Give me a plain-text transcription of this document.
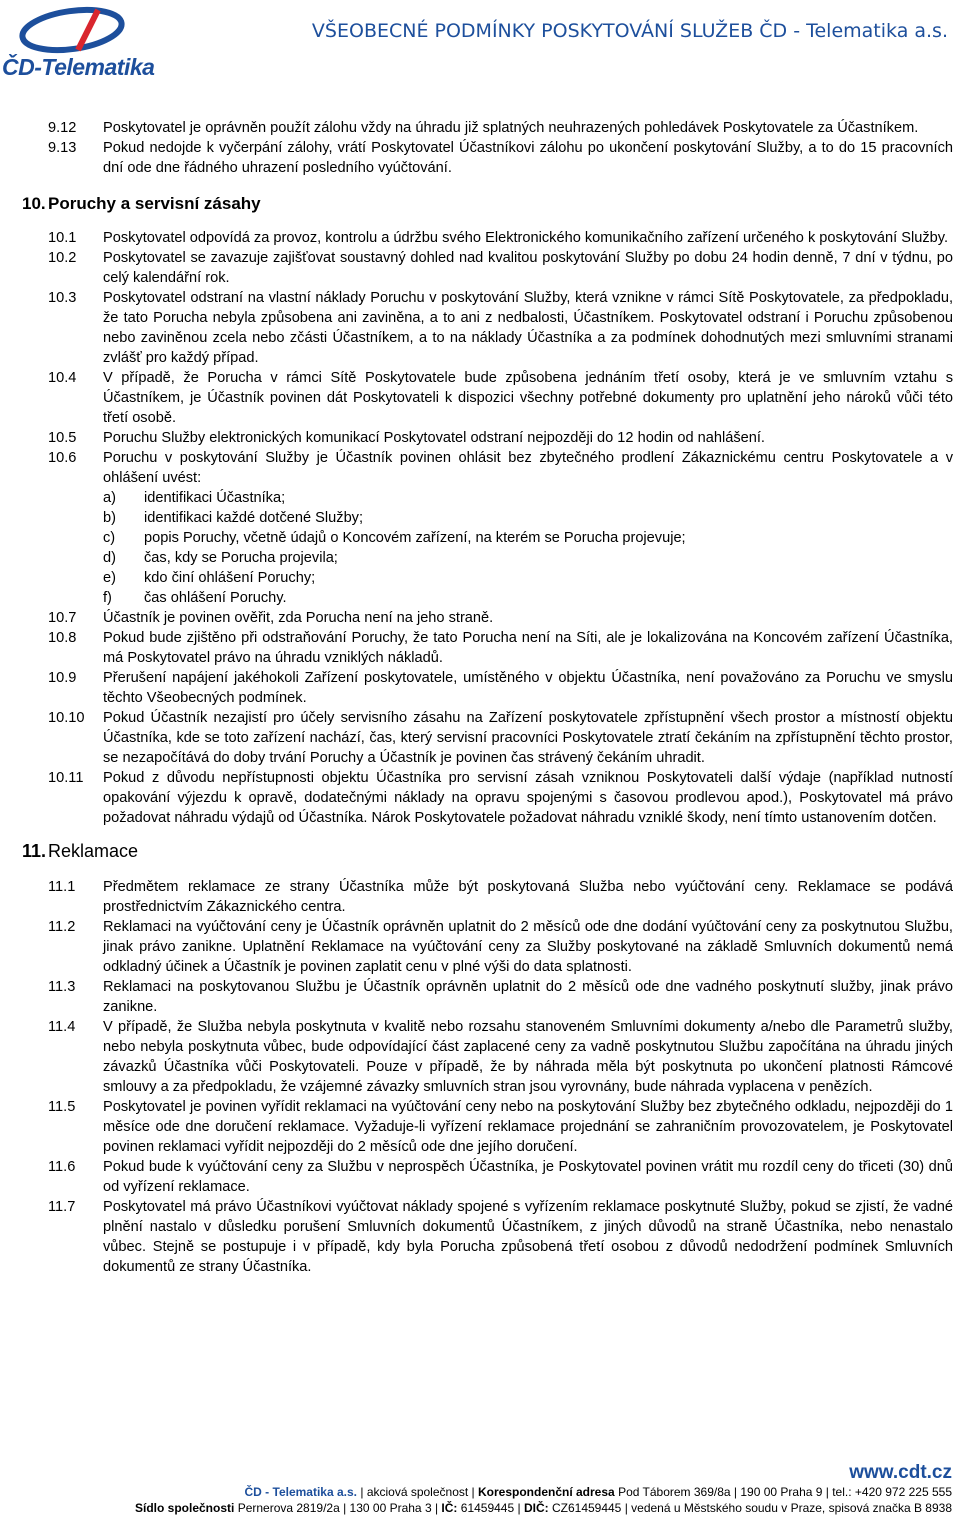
ČD-Telematika
VŠEOBECNÉ PODMÍNKY POSKYTOVÁNÍ SLUŽEB ČD - Telematika a.s.
9.12 Poskytovatel je oprávněn použít zálohu vždy na úhradu již splatných neuhrazených pohledávek Poskytovatele za Účastníkem.
9.13 Pokud nedojde k vyčerpání zálohy, vrátí Poskytovatel Účastníkovi zálohu po ukončení poskytování Služby, a to do 15 pracovních dní ode dne řádného uhrazení posledního vyúčtování.
10. Poruchy a servisní zásahy
10.1 Poskytovatel odpovídá za provoz, kontrolu a údržbu svého Elektronického komunikačního zařízení určeného k poskytování Služby.
10.2 Poskytovatel se zavazuje zajišťovat soustavný dohled nad kvalitou poskytování Služby po dobu 24 hodin denně, 7 dní v týdnu, po celý kalendářní rok.
10.3 Poskytovatel odstraní na vlastní náklady Poruchu v poskytování Služby, která vznikne v rámci Sítě Poskytovatele, za předpokladu, že tato Porucha nebyla způsobena ani zaviněna, a to ani z nedbalosti, Účastníkem. Poskytovatel odstraní i Poruchu způsobenou nebo zaviněnou zcela nebo zčásti Účastníkem, a to na náklady Účastníka a za podmínek dohodnutých mezi smluvními stranami zvlášť pro každý případ.
10.4 V případě, že Porucha v rámci Sítě Poskytovatele bude způsobena jednáním třetí osoby, která je ve smluvním vztahu s Účastníkem, je Účastník povinen dát Poskytovateli k dispozici všechny potřebné dokumenty pro uplatnění jeho nároků vůči této třetí osobě.
10.5 Poruchu Služby elektronických komunikací Poskytovatel odstraní nejpozději do 12 hodin od nahlášení.
10.6 Poruchu v poskytování Služby je Účastník povinen ohlásit bez zbytečného prodlení Zákaznickému centru Poskytovatele a v ohlášení uvést:
a) identifikaci Účastníka;
b) identifikaci každé dotčené Služby;
c) popis Poruchy, včetně údajů o Koncovém zařízení, na kterém se Porucha projevuje;
d) čas, kdy se Porucha projevila;
e) kdo činí ohlášení Poruchy;
f) čas ohlášení Poruchy.
10.7 Účastník je povinen ověřit, zda Porucha není na jeho straně.
10.8 Pokud bude zjištěno při odstraňování Poruchy, že tato Porucha není na Síti, ale je lokalizována na Koncovém zařízení Účastníka, má Poskytovatel právo na úhradu vzniklých nákladů.
10.9 Přerušení napájení jakéhokoli Zařízení poskytovatele, umístěného v objektu Účastníka, není považováno za Poruchu ve smyslu těchto Všeobecných podmínek.
10.10 Pokud Účastník nezajistí pro účely servisního zásahu na Zařízení poskytovatele zpřístupnění všech prostor a místností objektu Účastníka, kde se toto zařízení nachází, čas, který servisní pracovníci Poskytovatele ztratí čekáním na zpřístupnění těchto prostor, se nezapočítává do doby trvání Poruchy a Účastník je povinen čas strávený čekáním uhradit.
10.11 Pokud z důvodu nepřístupnosti objektu Účastníka pro servisní zásah vzniknou Poskytovateli další výdaje (například nutností opakování výjezdu k opravě, dodatečnými náklady na opravu spojenými s časovou prodlevou apod.), Poskytovatel má právo požadovat náhradu výdajů od Účastníka. Nárok Poskytovatele požadovat náhradu vzniklé škody, není tímto ustanovením dotčen.
11. Reklamace
11.1 Předmětem reklamace ze strany Účastníka může být poskytovaná Služba nebo vyúčtování ceny. Reklamace se podává prostřednictvím Zákaznického centra.
11.2 Reklamaci na vyúčtování ceny je Účastník oprávněn uplatnit do 2 měsíců ode dne dodání vyúčtování ceny za poskytnutou Službu, jinak právo zanikne. Uplatnění Reklamace na vyúčtování ceny za Služby poskytované na základě Smluvních dokumentů nemá odkladný účinek a Účastník je povinen zaplatit cenu v plné výši do data splatnosti.
11.3 Reklamaci na poskytovanou Službu je Účastník oprávněn uplatnit do 2 měsíců ode dne vadného poskytnutí služby, jinak právo zanikne.
11.4 V případě, že Služba nebyla poskytnuta v kvalitě nebo rozsahu stanoveném Smluvními dokumenty a/nebo dle Parametrů služby, nebo nebyla poskytnuta vůbec, bude odpovídající část zaplacené ceny za vadně poskytnutou Službu započítána na úhradu jiných závazků Účastníka vůči Poskytovateli. Pouze v případě, že by náhrada měla být poskytnuta po ukončení platnosti Rámcové smlouvy a za předpokladu, že vzájemné závazky smluvních stran jsou vyrovnány, bude náhrada vyplacena v penězích.
11.5 Poskytovatel je povinen vyřídit reklamaci na vyúčtování ceny nebo na poskytování Služby bez zbytečného odkladu, nejpozději do 1 měsíce ode dne doručení reklamace. Vyžaduje-li vyřízení reklamace projednání se zahraničním provozovatelem, je Poskytovatel povinen reklamaci vyřídit nejpozději do 2 měsíců ode dne jejího doručení.
11.6 Pokud bude k vyúčtování ceny za Službu v neprospěch Účastníka, je Poskytovatel povinen vrátit mu rozdíl ceny do třiceti (30) dnů od vyřízení reklamace.
11.7 Poskytovatel má právo Účastníkovi vyúčtovat náklady spojené s vyřízením reklamace poskytnuté Služby, pokud se zjistí, že vadné plnění nastalo v důsledku porušení Smluvních dokumentů Účastníkem, z jiných důvodů na straně Účastníka, nebo nenastalo vůbec. Stejně se postupuje i v případě, kdy byla Porucha způsobená třetí osobou z důvodů nedodržení podmínek Smluvních dokumentů ze strany Účastníka.
www.cdt.cz
ČD - Telematika a.s. | akciová společnost | Korespondenční adresa Pod Táborem 369/8a | 190 00 Praha 9 | tel.: +420 972 225 555
Sídlo společnosti Pernerova 2819/2a | 130 00 Praha 3 | IČ: 61459445 | DIČ: CZ61459445 | vedená u Městského soudu v Praze, spisová značka B 8938
